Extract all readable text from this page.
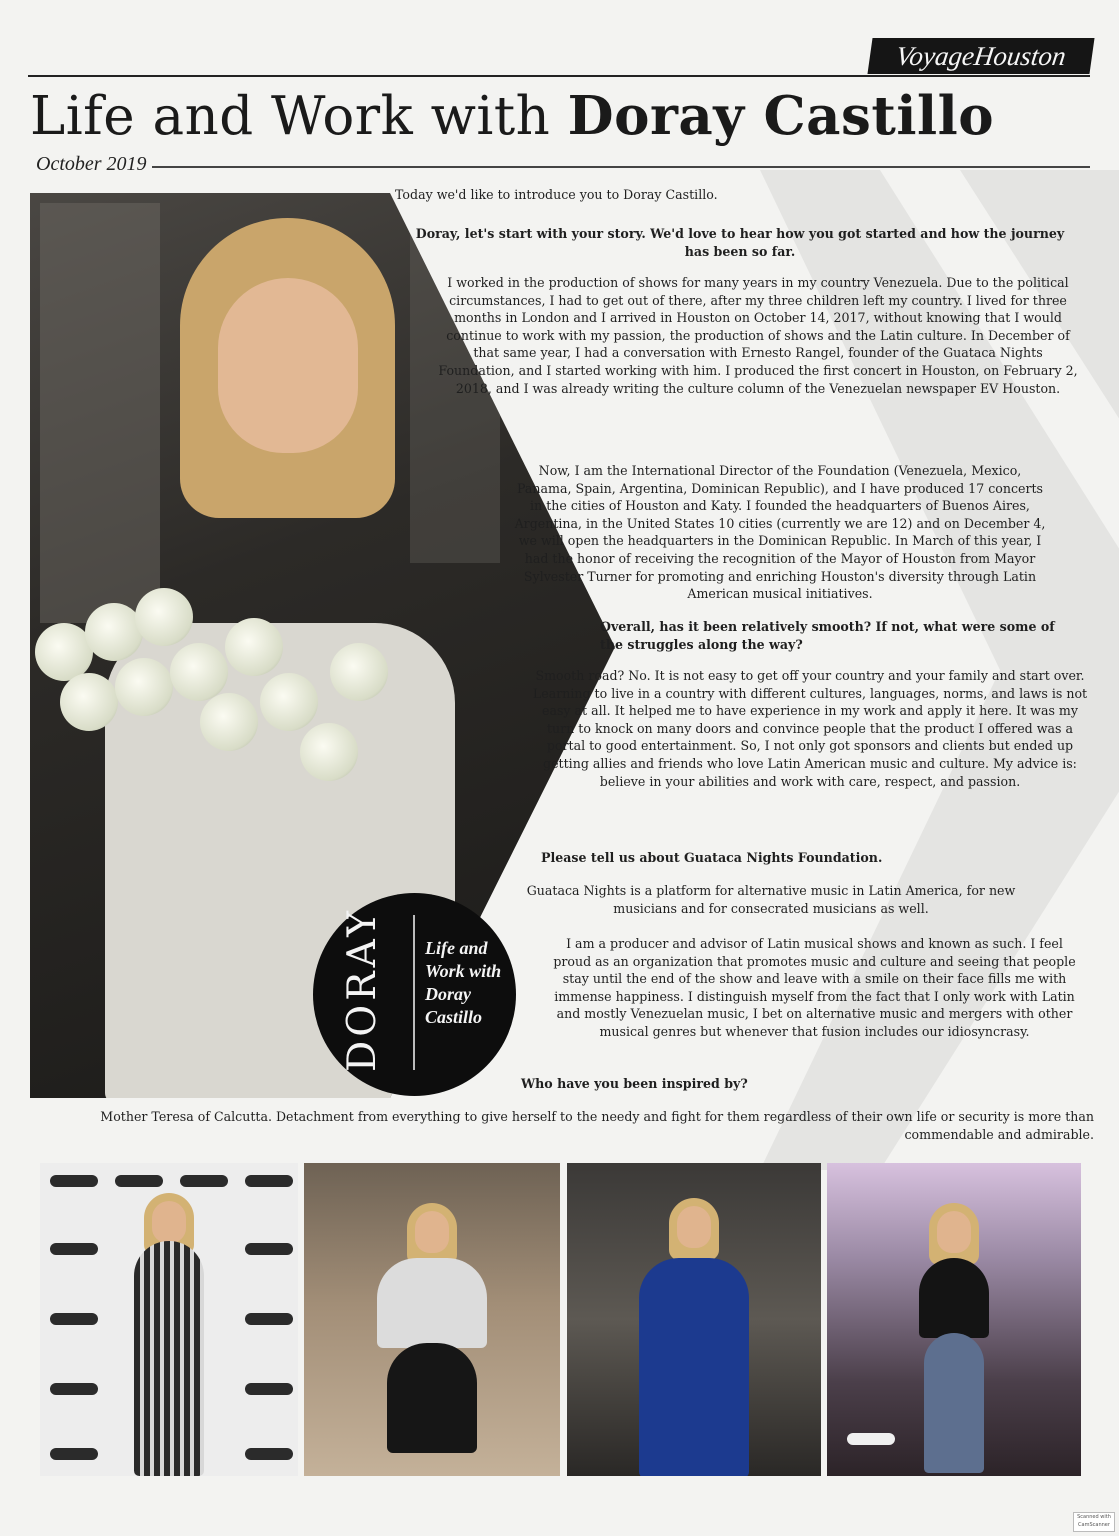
VoyageHouston
Life and Work with Doray Castillo
October 2019

Today we'd like to introduce you to Doray Castillo.

Doray, let's start with your story. We'd love to hear how you got started and how the journey has been so far.

I worked in the production of shows for many years in my country Venezuela. Due to the political circumstances, I had to get out of there, after my three children left my country. I lived for three months in London and I arrived in Houston on October 14, 2017, without knowing that I would continue to work with my passion, the production of shows and the Latin culture. In December of that same year, I had a conversation with Ernesto Rangel, founder of the Guataca Nights Foundation, and I started working with him. I produced the first concert in Houston, on February 2, 2018, and I was already writing the culture column of the Venezuelan newspaper EV Houston.

Now, I am the International Director of the Foundation (Venezuela, Mexico, Panama, Spain, Argentina, Dominican Republic), and I have produced 17 concerts in the cities of Houston and Katy. I founded the headquarters of Buenos Aires, Argentina, in the United States 10 cities (currently we are 12) and on December 4, we will open the headquarters in the Dominican Republic. In March of this year, I had the honor of receiving the recognition of the Mayor of Houston from Mayor Sylvester Turner for promoting and enriching Houston's diversity through Latin American musical initiatives.

Overall, has it been relatively smooth? If not, what were some of the struggles along the way?

Smooth road? No. It is not easy to get off your country and your family and start over. Learning to live in a country with different cultures, languages, norms, and laws is not easy at all. It helped me to have experience in my work and apply it here. It was my turn to knock on many doors and convince people that the product I offered was a portal to good entertainment. So, I not only got sponsors and clients but ended up getting allies and friends who love Latin American music and culture. My advice is: believe in your abilities and work with care, respect, and passion.

Please tell us about Guataca Nights Foundation.

Guataca Nights is a platform for alternative music in Latin America, for new musicians and for consecrated musicians as well.

I am a producer and advisor of Latin musical shows and known as such. I feel proud as an organization that promotes music and culture and seeing that people stay until the end of the show and leave with a smile on their face fills me with immense happiness. I distinguish myself from the fact that I only work with Latin and mostly Venezuelan music, I bet on alternative music and mergers with other musical genres but whenever that fusion includes our idiosyncrasy.

Who have you been inspired by?

Mother Teresa of Calcutta. Detachment from everything to give herself to the needy and fight for them regardless of their own life or security is more than commendable and admirable.

DORAY Life and Work with Doray Castillo
Scanned with CamScanner
